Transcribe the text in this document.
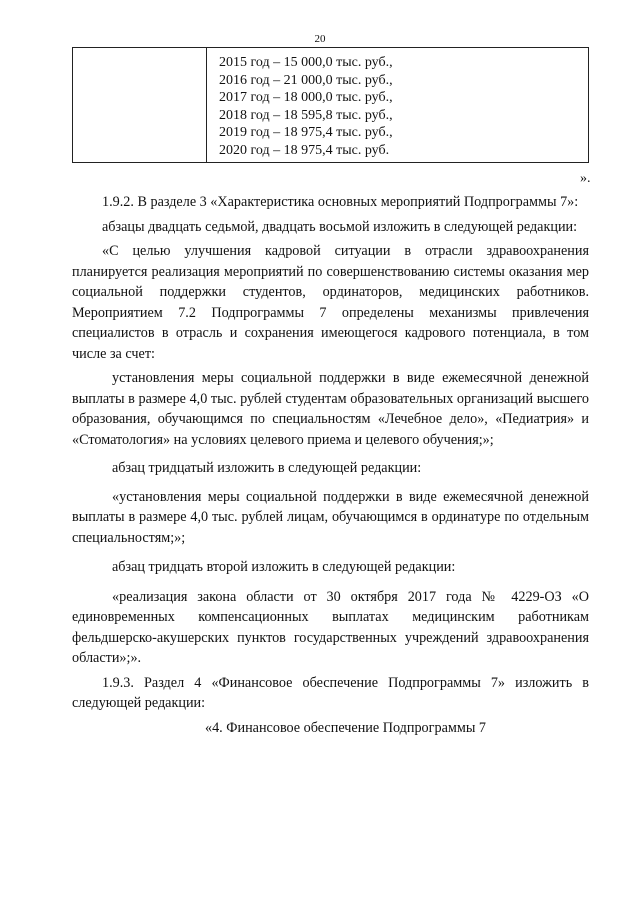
20
2015 год – 15 000,0 тыс. руб.,
2016 год – 21 000,0 тыс. руб.,
2017 год – 18 000,0 тыс. руб.,
2018 год – 18 595,8 тыс. руб.,
2019 год – 18 975,4 тыс. руб.,
2020 год – 18 975,4 тыс. руб.
».

1.9.2. В разделе 3 «Характеристика основных мероприятий Подпрограммы 7»:

абзацы двадцать седьмой, двадцать восьмой изложить в следующей редакции:

«С целью улучшения кадровой ситуации в отрасли здравоохранения планируется реализация мероприятий по совершенствованию системы оказания мер социальной поддержки студентов, ординаторов, медицинских работников. Мероприятием 7.2 Подпрограммы 7 определены механизмы привлечения специалистов в отрасль и сохранения имеющегося кадрового потенциала, в том числе за счет:

установления меры социальной поддержки в виде ежемесячной денежной выплаты в размере 4,0 тыс. рублей студентам образовательных организаций высшего образования, обучающимся по специальностям «Лечебное дело», «Педиатрия» и «Стоматология» на условиях целевого приема и целевого обучения;»;

абзац тридцатый изложить в следующей редакции:

«установления меры социальной поддержки в виде ежемесячной денежной выплаты в размере 4,0 тыс. рублей лицам, обучающимся в ординатуре по отдельным специальностям;»;

абзац тридцать второй изложить в следующей редакции:

«реализация закона области от 30 октября 2017 года № 4229-ОЗ «О единовременных компенсационных выплатах медицинским работникам фельдшерско-акушерских пунктов государственных учреждений здравоохранения области»;».

1.9.3. Раздел 4 «Финансовое обеспечение Подпрограммы 7» изложить в следующей редакции:

«4. Финансовое обеспечение Подпрограммы 7
